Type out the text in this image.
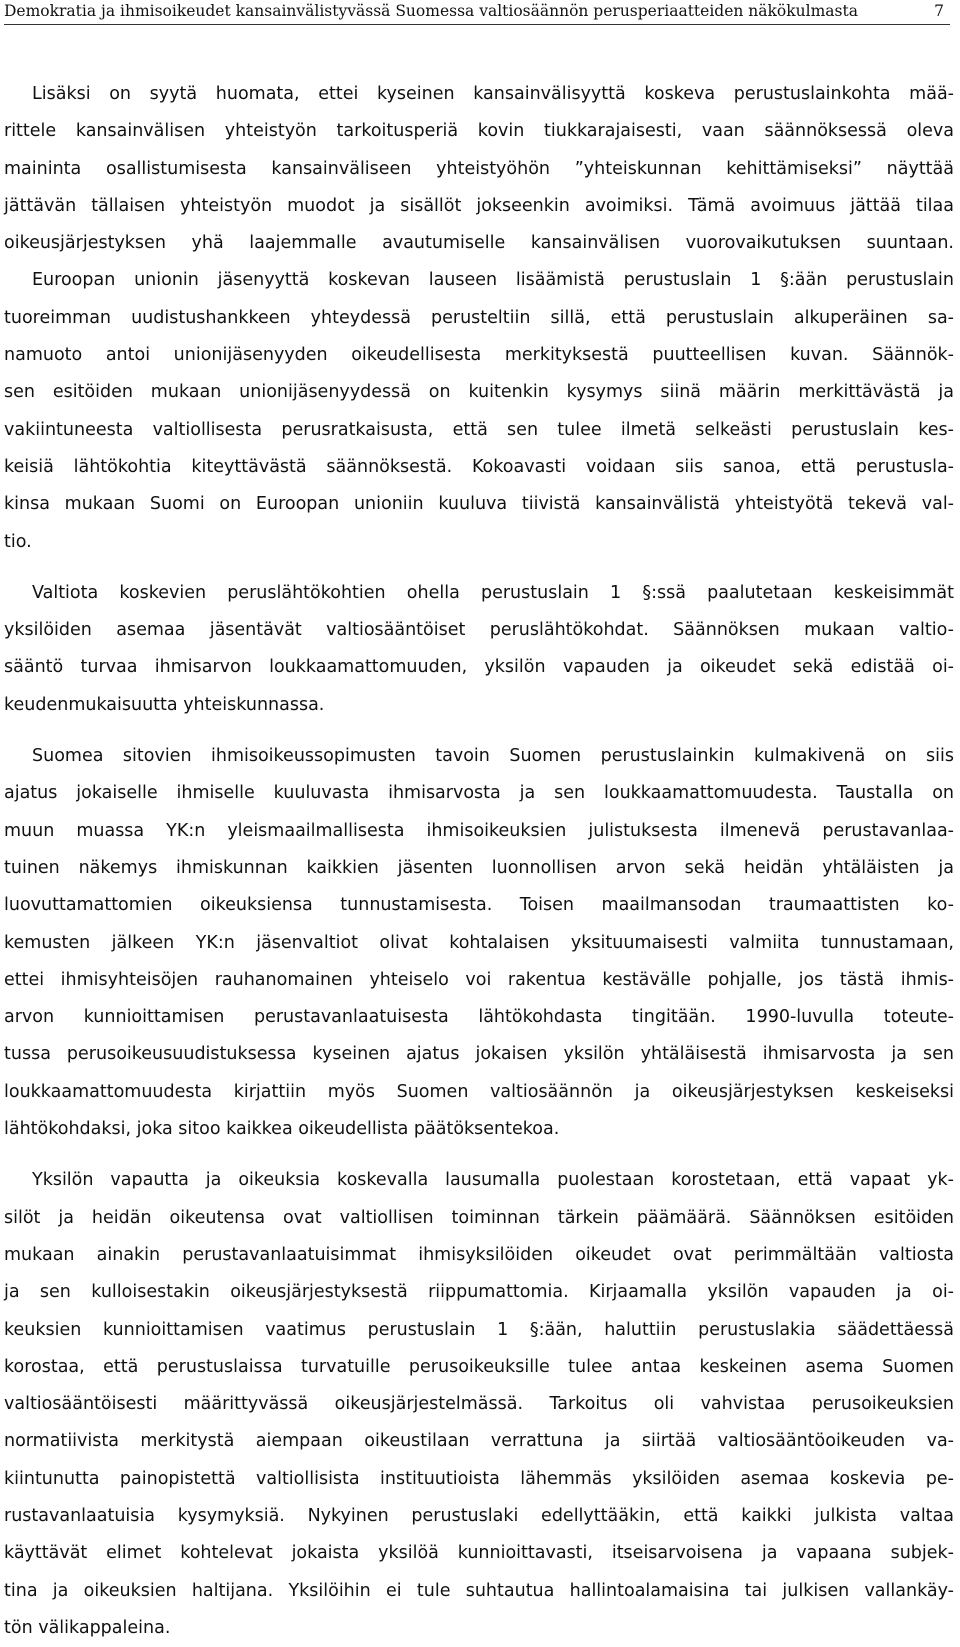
Demokratia ja ihmisoikeudet kansainvälistyvässä Suomessa valtiosäännön perusperiaatteiden näkökulmasta	7
Lisäksi on syytä huomata, ettei kyseinen kansainvälisyyttä koskeva perustuslainkohta mää-
rittele kansainvälisen yhteistyön tarkoitusperiä kovin tiukkarajaisesti, vaan säännöksessä oleva
maininta osallistumisesta kansainväliseen yhteistyöhön ”yhteiskunnan kehittämiseksi” näyttää
jättävän tällaisen yhteistyön muodot ja sisällöt jokseenkin avoimiksi. Tämä avoimuus jättää tilaa
oikeusjärjestyksen yhä laajemmalle avautumiselle kansainvälisen vuorovaikutuksen suuntaan.
Euroopan unionin jäsenyyttä koskevan lauseen lisäämistä perustuslain 1 §:ään perustuslain
tuoreimman uudistushankkeen yhteydessä perusteltiin sillä, että perustuslain alkuperäinen sa-
namuoto antoi unionijäsenyyden oikeudellisesta merkityksestä puutteellisen kuvan. Säännök-
sen esitöiden mukaan unionijäsenyydessä on kuitenkin kysymys siinä määrin merkittävästä ja
vakiintuneesta valtiollisesta perusratkaisusta, että sen tulee ilmetä selkeästi perustuslain kes-
keisiä lähtökohtia kiteyttävästä säännöksestä. Kokoavasti voidaan siis sanoa, että perustusla-
kinsa mukaan Suomi on Euroopan unioniin kuuluva tiivistä kansainvälistä yhteistyötä tekevä val-
tio.
Valtiota koskevien peruslähtökohtien ohella perustuslain 1 §:ssä paalutetaan keskeisimmät
yksilöiden asemaa jäsentävät valtiosääntöiset peruslähtökohdat. Säännöksen mukaan valtio-
sääntö turvaa ihmisarvon loukkaamattomuuden, yksilön vapauden ja oikeudet sekä edistää oi-
keudenmukaisuutta yhteiskunnassa.
Suomea sitovien ihmisoikeussopimusten tavoin Suomen perustuslainkin kulmakivenä on siis
ajatus jokaiselle ihmiselle kuuluvasta ihmisarvosta ja sen loukkaamattomuudesta. Taustalla on
muun muassa YK:n yleismaailmallisesta ihmisoikeuksien julistuksesta ilmenevä perustavanlaa-
tuinen näkemys ihmiskunnan kaikkien jäsenten luonnollisen arvon sekä heidän yhtäläisten ja
luovuttamattomien oikeuksiensa tunnustamisesta. Toisen maailmansodan traumaattisten ko-
kemusten jälkeen YK:n jäsenvaltiot olivat kohtalaisen yksituumaisesti valmiita tunnustamaan,
ettei ihmisyhteisöjen rauhanomainen yhteiselo voi rakentua kestävälle pohjalle, jos tästä ihmis-
arvon kunnioittamisen perustavanlaatuisesta lähtökohdasta tingitään. 1990-luvulla toteute-
tussa perusoikeusuudistuksessa kyseinen ajatus jokaisen yksilön yhtäläisestä ihmisarvosta ja sen
loukkaamattomuudesta kirjattiin myös Suomen valtiosäännön ja oikeusjärjestyksen keskeiseksi
lähtökohdaksi, joka sitoo kaikkea oikeudellista päätöksentekoa.
Yksilön vapautta ja oikeuksia koskevalla lausumalla puolestaan korostetaan, että vapaat yk-
silöt ja heidän oikeutensa ovat valtiollisen toiminnan tärkein päämäärä. Säännöksen esitöiden
mukaan ainakin perustavanlaatuisimmat ihmisyksilöiden oikeudet ovat perimmältään valtiosta
ja sen kulloisestakin oikeusjärjestyksestä riippumattomia. Kirjaamalla yksilön vapauden ja oi-
keuksien kunnioittamisen vaatimus perustuslain 1 §:ään, haluttiin perustuslakia säädettäessä
korostaa, että perustuslaissa turvatuille perusoikeuksille tulee antaa keskeinen asema Suomen
valtiosääntöisesti määrittyvässä oikeusjärjestelmässä. Tarkoitus oli vahvistaa perusoikeuksien
normatiivista merkitystä aiempaan oikeustilaan verrattuna ja siirtää valtiosääntöoikeuden va-
kiintunutta painopistettä valtiollisista instituutioista lähemmäs yksilöiden asemaa koskevia pe-
rustavanlaatuisia kysymyksiä. Nykyinen perustuslaki edellyttääkin, että kaikki julkista valtaa
käyttävät elimet kohtelevat jokaista yksilöä kunnioittavasti, itseisarvoisena ja vapaana subjek-
tina ja oikeuksien haltijana. Yksilöihin ei tule suhtautua hallintoalamaisina tai julkisen vallankäy-
tön välikappaleina.
